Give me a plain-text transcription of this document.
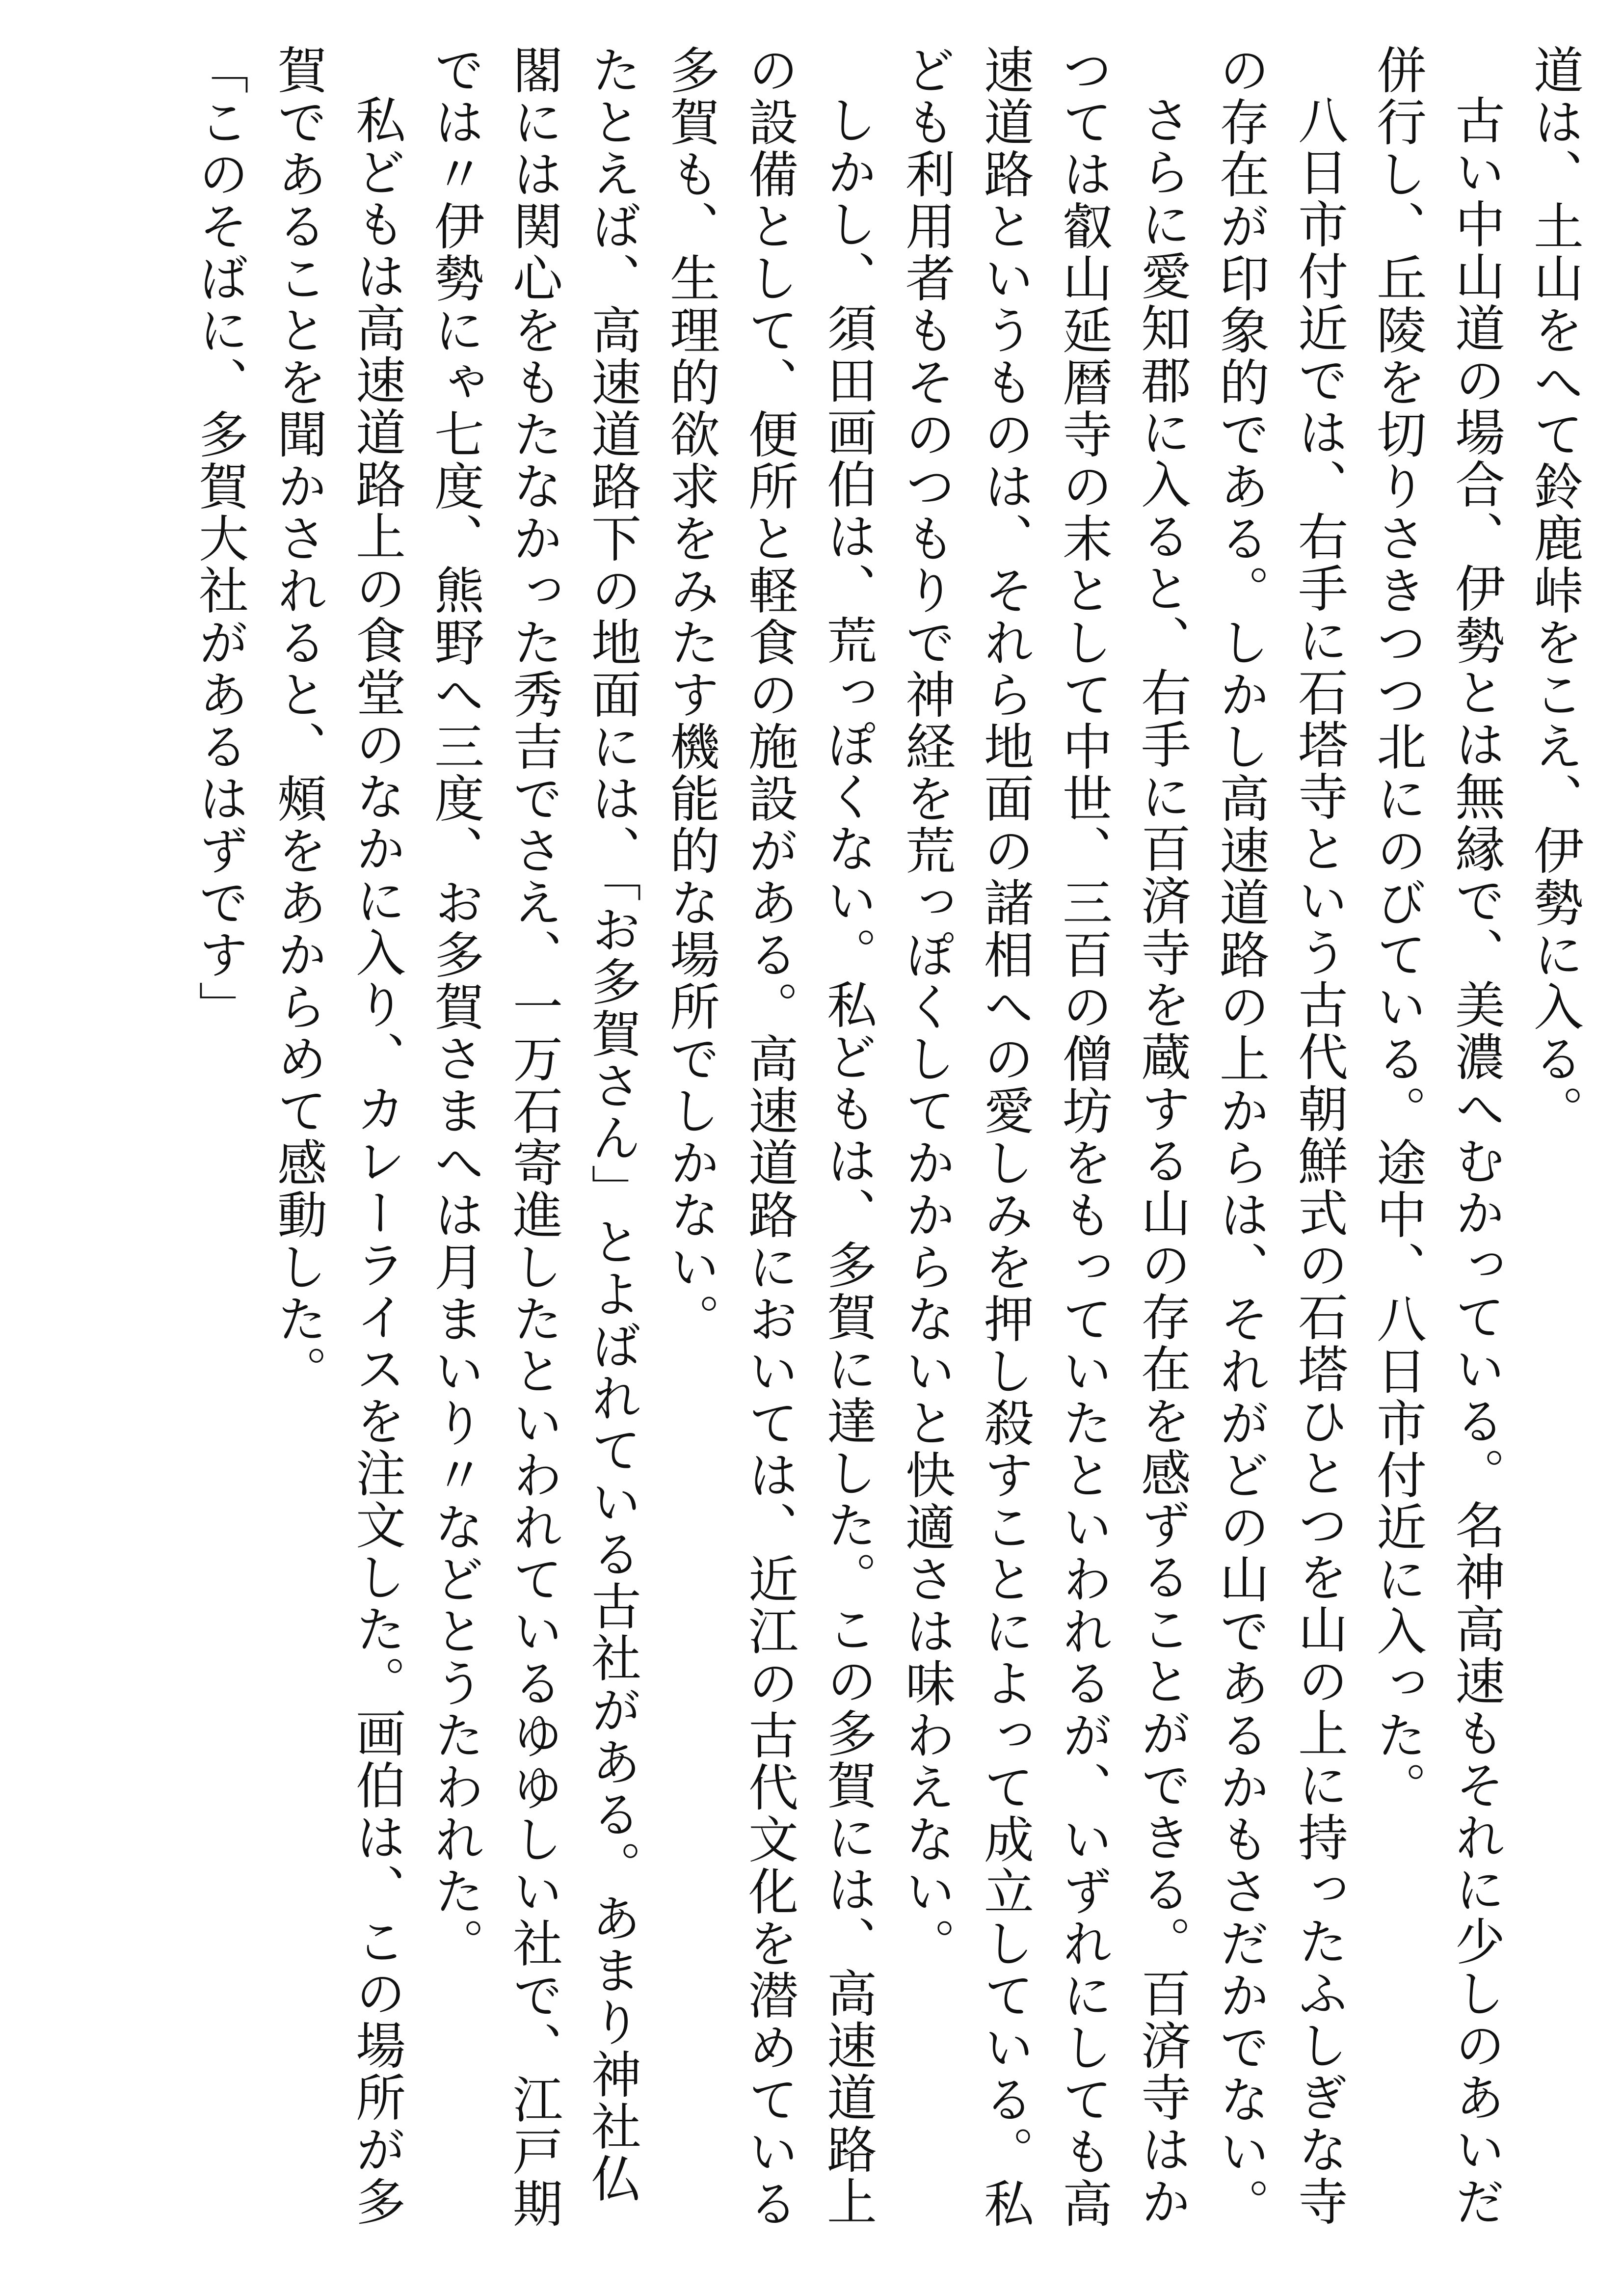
道は、土山をへて鈴鹿峠をこえ、伊勢に入る。

古い中山道の場合、伊勢とは無縁で、美濃へむかっている。名神高速もそれに少しのあいだ併行し、丘陵を切りさきつつ北にのびている。途中、八日市付近に入った。

八日市付近では、右手に石塔寺という古代朝鮮式の石塔ひとつを山の上に持ったふしぎな寺の存在が印象的である。しかし高速道路の上からは、それがどの山であるかもさだかでない。

さらに愛知郡に入ると、右手に百済寺を蔵する山の存在を感ずることができる。百済寺はかつては叡山延暦寺の末として中世、三百の僧坊をもっていたといわれるが、いずれにしても高速道路というものは、それら地面の諸相への愛しみを押し殺すことによって成立している。私ども利用者もそのつもりで神経を荒っぽくしてかからないと快適さは味わえない。

しかし、須田画伯は、荒っぽくない。私どもは、多賀に達した。この多賀には、高速道路上の設備として、便所と軽食の施設がある。高速道路においては、近江の古代文化を潜めている多賀も、生理的欲求をみたす機能的な場所でしかない。

たとえば、高速道路下の地面には、「お多賀さん」とよばれている古社がある。あまり神社仏閣には関心をもたなかった秀吉でさえ、一万石寄進したといわれているゆゆしい社で、江戸期では〃伊勢にゃ七度、熊野へ三度、お多賀さまへは月まいり〃などとうたわれた。

私どもは高速道路上の食堂のなかに入り、カレーライスを注文した。画伯は、この場所が多賀であることを聞かされると、頰をあからめて感動した。

「このそばに、多賀大社があるはずです」
